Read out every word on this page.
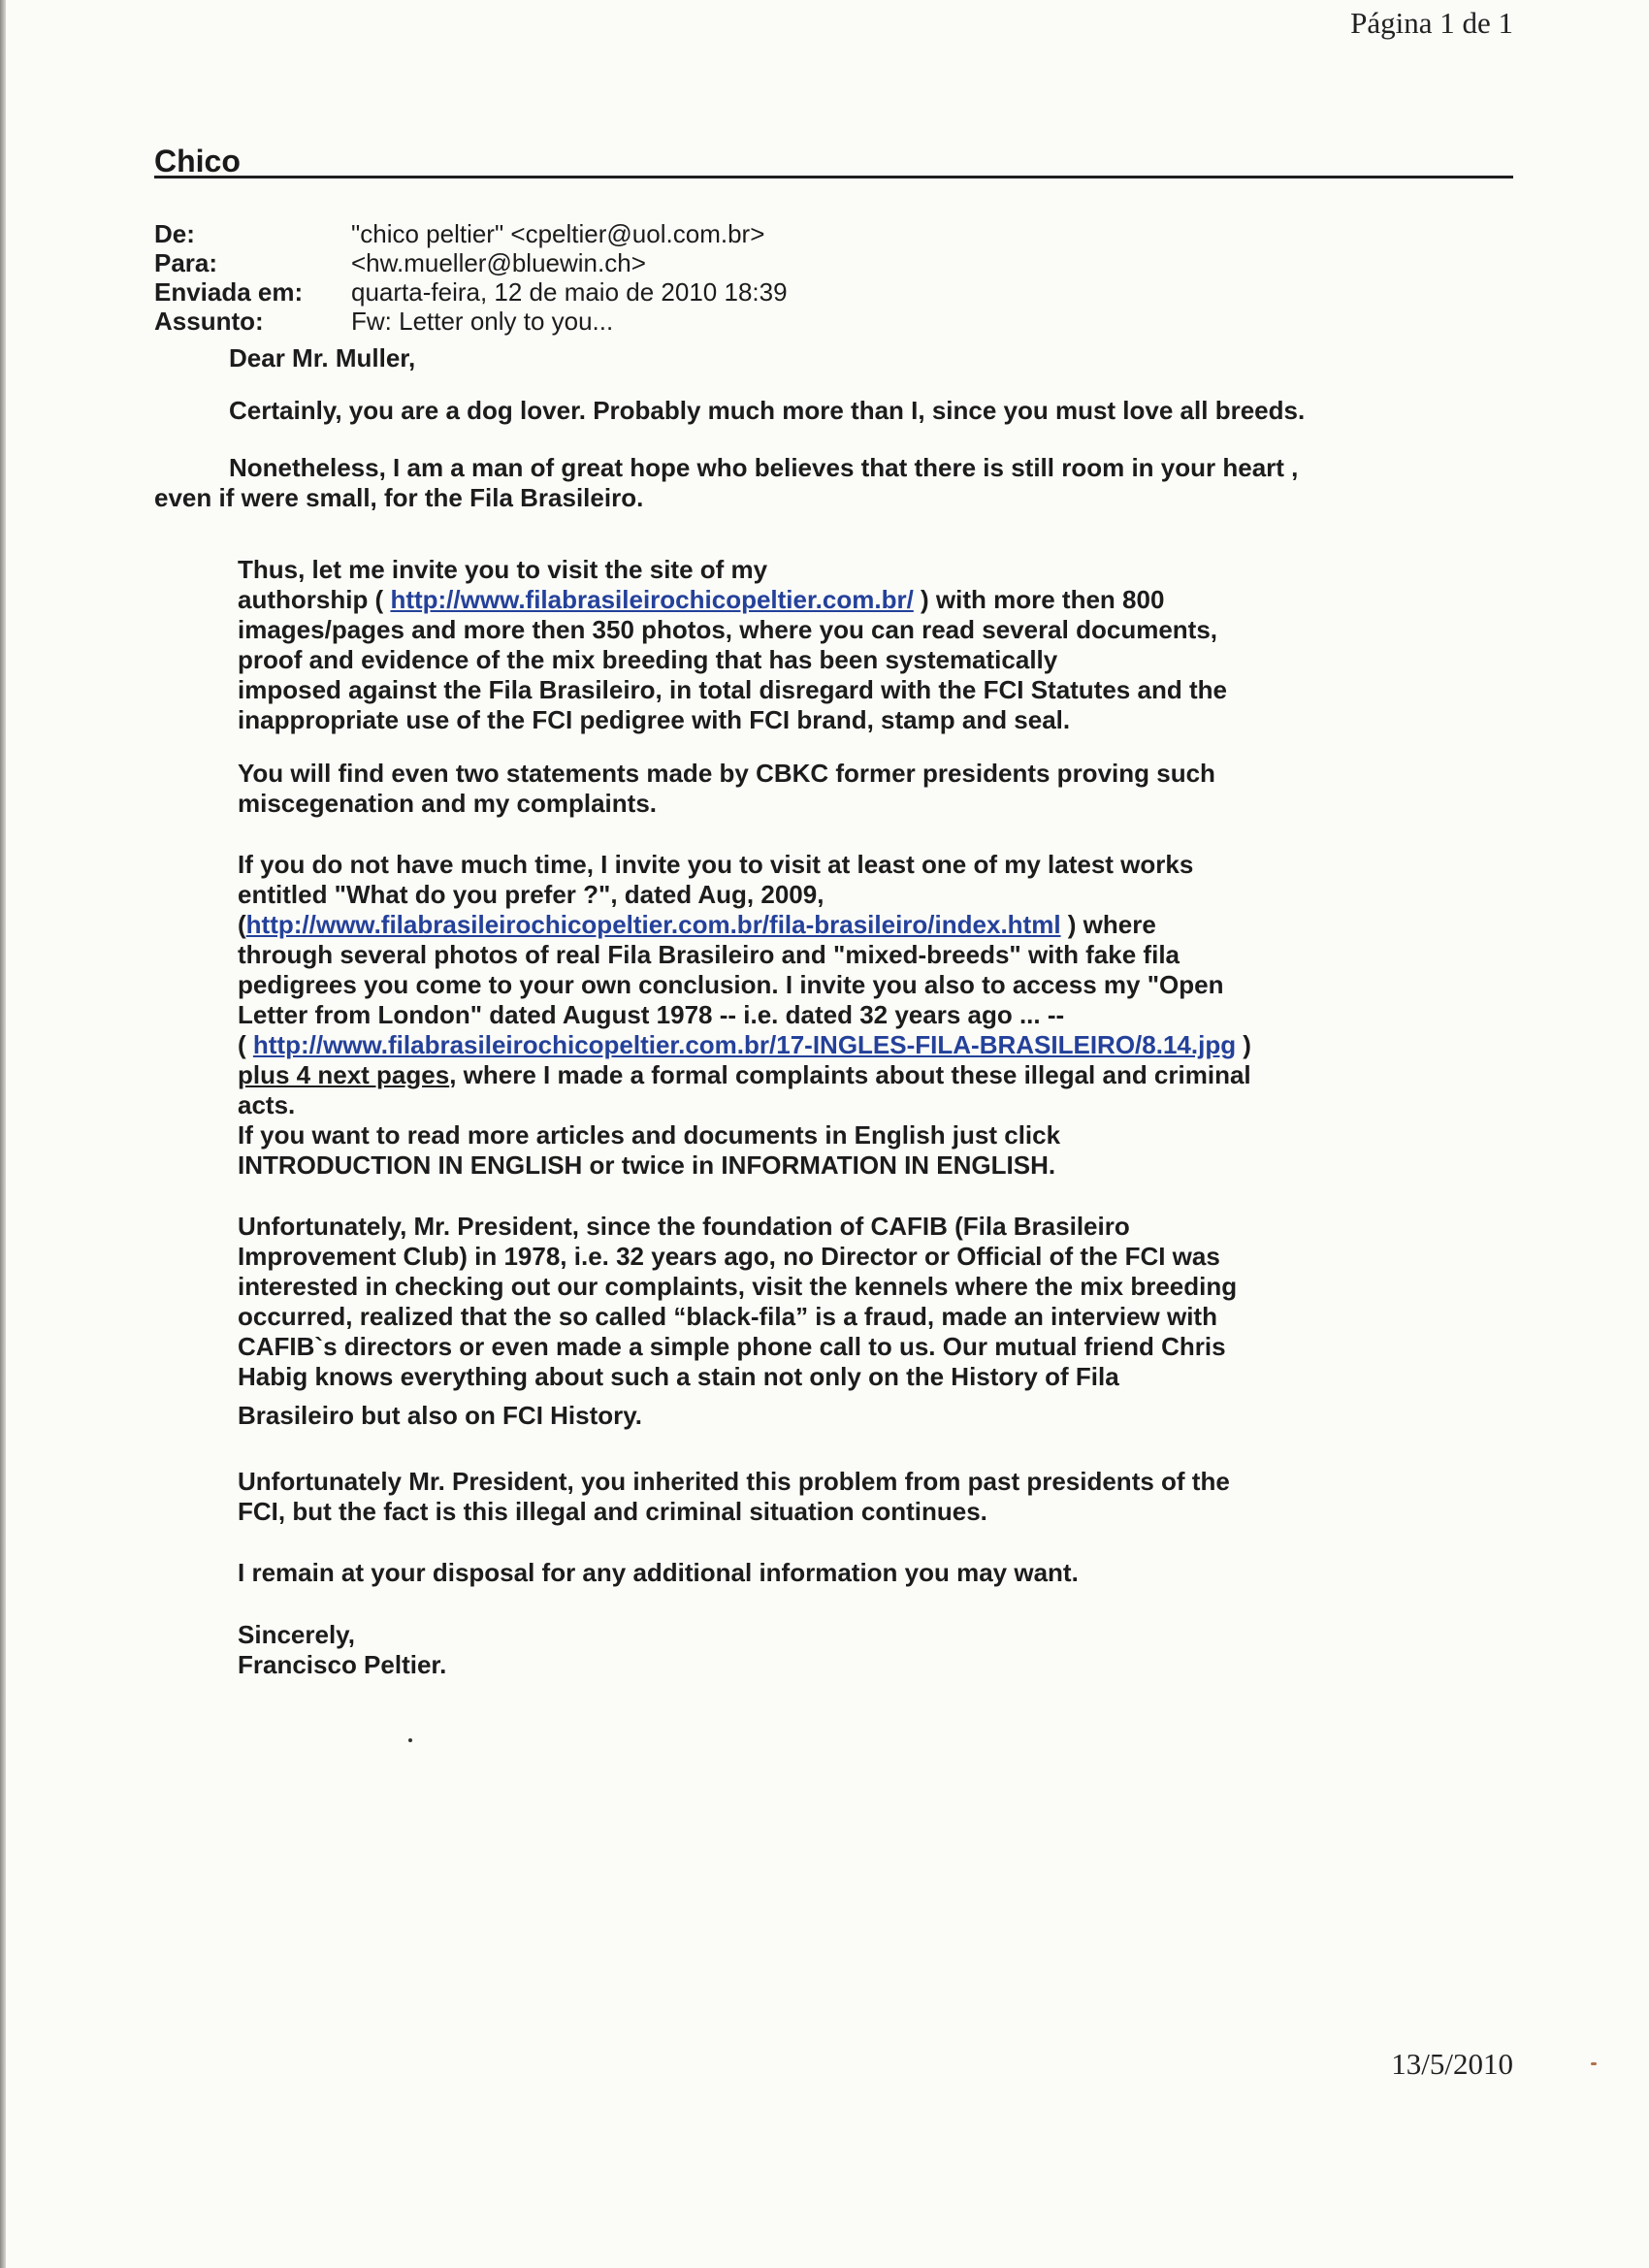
Página 1 de 1
Chico
De:	"chico peltier" <cpeltier@uol.com.br>
Para:	<hw.mueller@bluewin.ch>
Enviada em:	quarta-feira, 12 de maio de 2010 18:39
Assunto:	Fw: Letter only to you...
Dear Mr. Muller,
Certainly, you are a dog lover. Probably much more than I, since you must love all breeds.
Nonetheless, I am a man of great hope who believes that there is still room in your heart ,
even if were small, for the Fila Brasileiro.
Thus, let me invite you to visit the site of my
authorship ( http://www.filabrasileirochicopeltier.com.br/ ) with more then 800
images/pages and more then 350 photos, where you can read several documents,
proof and evidence of the mix breeding that has been systematically
imposed against the Fila Brasileiro, in total disregard with the FCI Statutes and the
inappropriate use of the FCI pedigree with FCI brand, stamp and seal.
You will find even two statements made by CBKC former presidents proving such
miscegenation and my complaints.
If you do not have much time, I invite you to visit at least one of my latest works
entitled "What do you prefer ?", dated Aug, 2009,
(http://www.filabrasileirochicopeltier.com.br/fila-brasileiro/index.html ) where
through several photos of real Fila Brasileiro and "mixed-breeds" with fake fila
pedigrees you come to your own conclusion. I invite you also to access my "Open
Letter from London" dated August 1978 -- i.e. dated 32 years ago ... --
( http://www.filabrasileirochicopeltier.com.br/17-INGLES-FILA-BRASILEIRO/8.14.jpg )
plus 4 next pages, where I made a formal complaints about these illegal and criminal
acts.
If you want to read more articles and documents in English just click
INTRODUCTION IN ENGLISH or twice in INFORMATION IN ENGLISH.
Unfortunately, Mr. President, since the foundation of CAFIB (Fila Brasileiro
Improvement Club) in 1978, i.e. 32 years ago, no Director or Official of the FCI was
interested in checking out our complaints, visit the kennels where the mix breeding
occurred, realized that the so called “black-fila” is a fraud, made an interview with
CAFIB`s directors or even made a simple phone call to us. Our mutual friend Chris
Habig knows everything about such a stain not only on the History of Fila
Brasileiro but also on FCI History.
Unfortunately Mr. President, you inherited this problem from past presidents of the
FCI, but the fact is this illegal and criminal situation continues.
I remain at your disposal for any additional information you may want.
Sincerely,
Francisco Peltier.
13/5/2010
